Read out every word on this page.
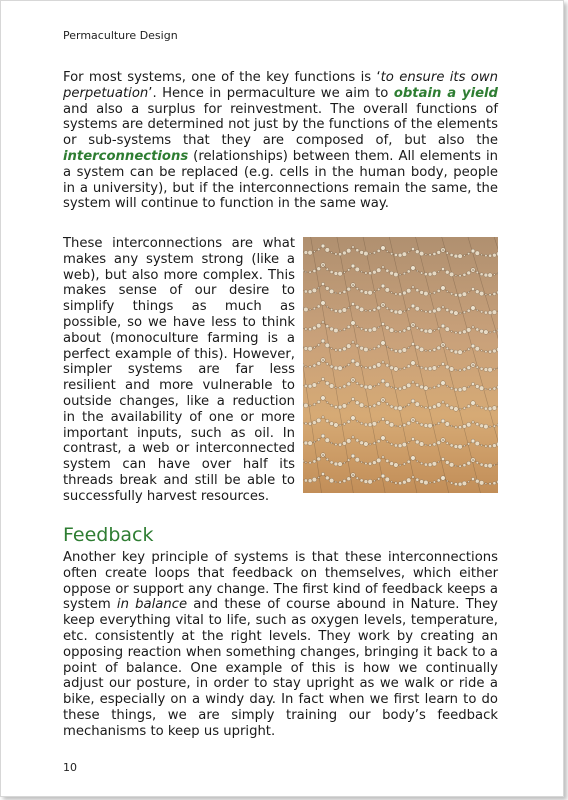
Permaculture Design

For most systems, one of the key functions is ‘to ensure its own perpetuation’. Hence in permaculture we aim to obtain a yield and also a surplus for reinvestment. The overall functions of systems are determined not just by the functions of the elements or sub-systems that they are composed of, but also the interconnections (relationships) between them. All elements in a system can be replaced (e.g. cells in the human body, people in a university), but if the interconnections remain the same, the system will continue to function in the same way.

These interconnections are what makes any system strong (like a web), but also more complex. This makes sense of our desire to simplify things as much as possible, so we have less to think about (monoculture farming is a perfect example of this). However, simpler systems are far less resilient and more vulnerable to outside changes, like a reduction in the availability of one or more important inputs, such as oil. In contrast, a web or interconnected system can have over half its threads break and still be able to successfully harvest resources.

Feedback

Another key principle of systems is that these interconnections often create loops that feedback on themselves, which either oppose or support any change. The first kind of feedback keeps a system in balance and these of course abound in Nature. They keep everything vital to life, such as oxygen levels, temperature, etc. consistently at the right levels. They work by creating an opposing reaction when something changes, bringing it back to a point of balance. One example of this is how we continually adjust our posture, in order to stay upright as we walk or ride a bike, especially on a windy day. In fact when we first learn to do these things, we are simply training our body’s feedback mechanisms to keep us upright.

10
